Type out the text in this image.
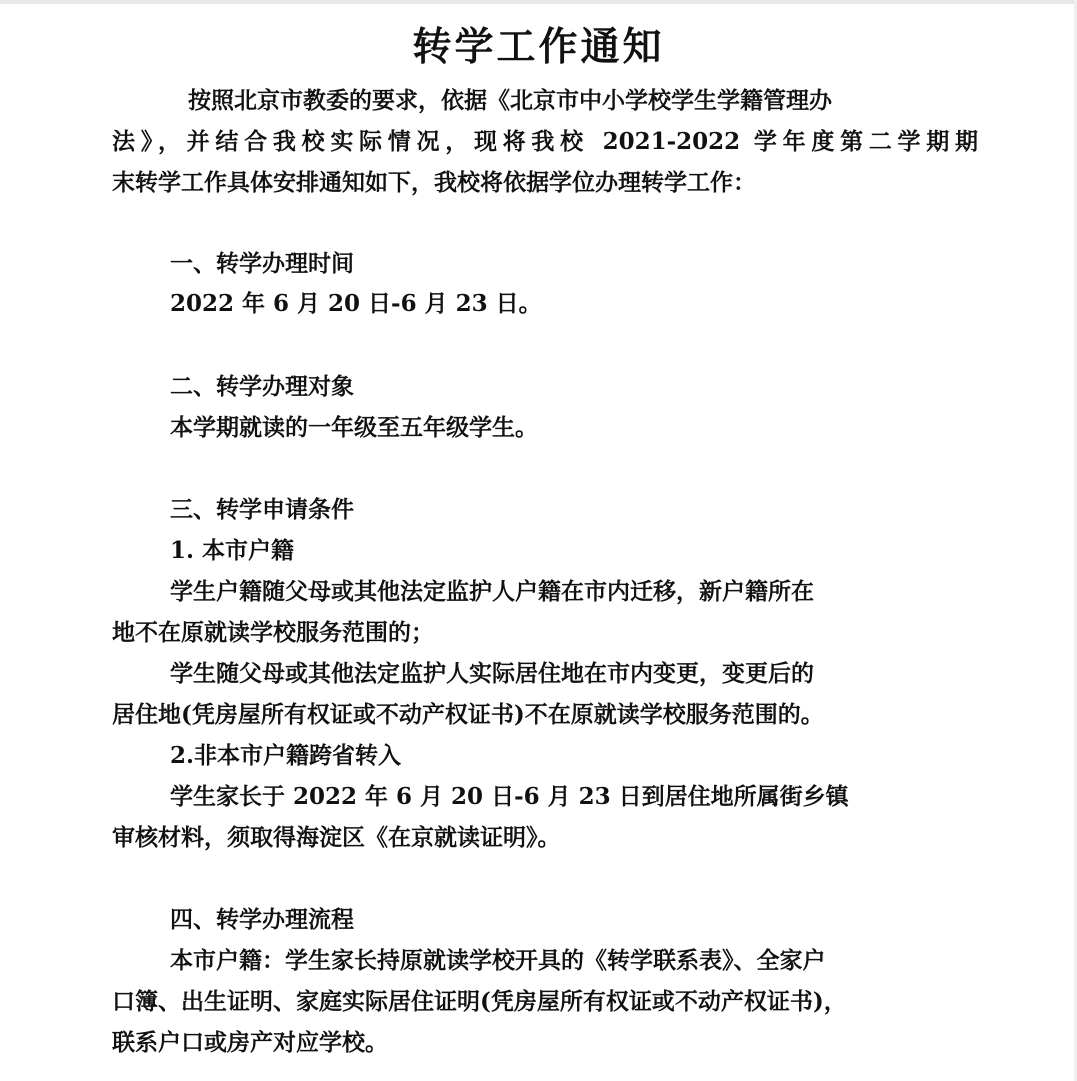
转学工作通知
按照北京市教委的要求，依据《北京市中小学校学生学籍管理办
法》，并结合我校实际情况，现将我校 2021-2022 学年度第二学期期
末转学工作具体安排通知如下，我校将依据学位办理转学工作：
一、转学办理时间
2022 年 6 月 20 日-6 月 23 日。
二、转学办理对象
本学期就读的一年级至五年级学生。
三、转学申请条件
1. 本市户籍
学生户籍随父母或其他法定监护人户籍在市内迁移，新户籍所在
地不在原就读学校服务范围的；
学生随父母或其他法定监护人实际居住地在市内变更，变更后的
居住地(凭房屋所有权证或不动产权证书)不在原就读学校服务范围的。
2.非本市户籍跨省转入
学生家长于 2022 年 6 月 20 日-6 月 23 日到居住地所属街乡镇
审核材料，须取得海淀区《在京就读证明》。
四、转学办理流程
本市户籍：学生家长持原就读学校开具的《转学联系表》、全家户
口簿、出生证明、家庭实际居住证明(凭房屋所有权证或不动产权证书)，
联系户口或房产对应学校。
